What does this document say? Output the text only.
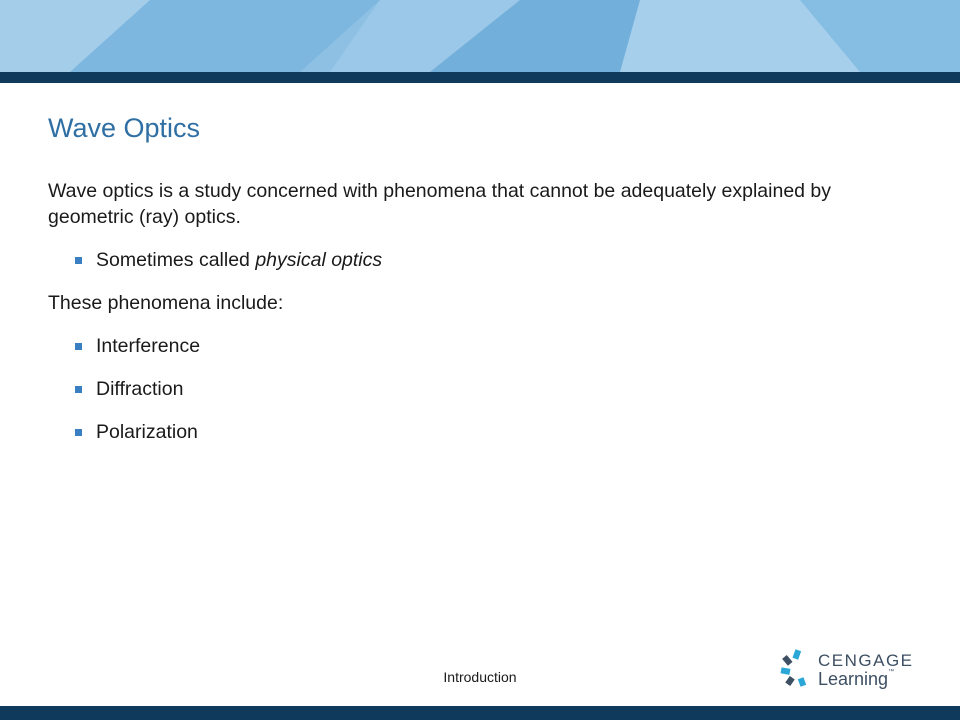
Wave Optics

Wave optics is a study concerned with phenomena that cannot be adequately explained by geometric (ray) optics.

Sometimes called physical optics

These phenomena include:

Interference
Diffraction
Polarization
Introduction
CENGAGE
Learning™
